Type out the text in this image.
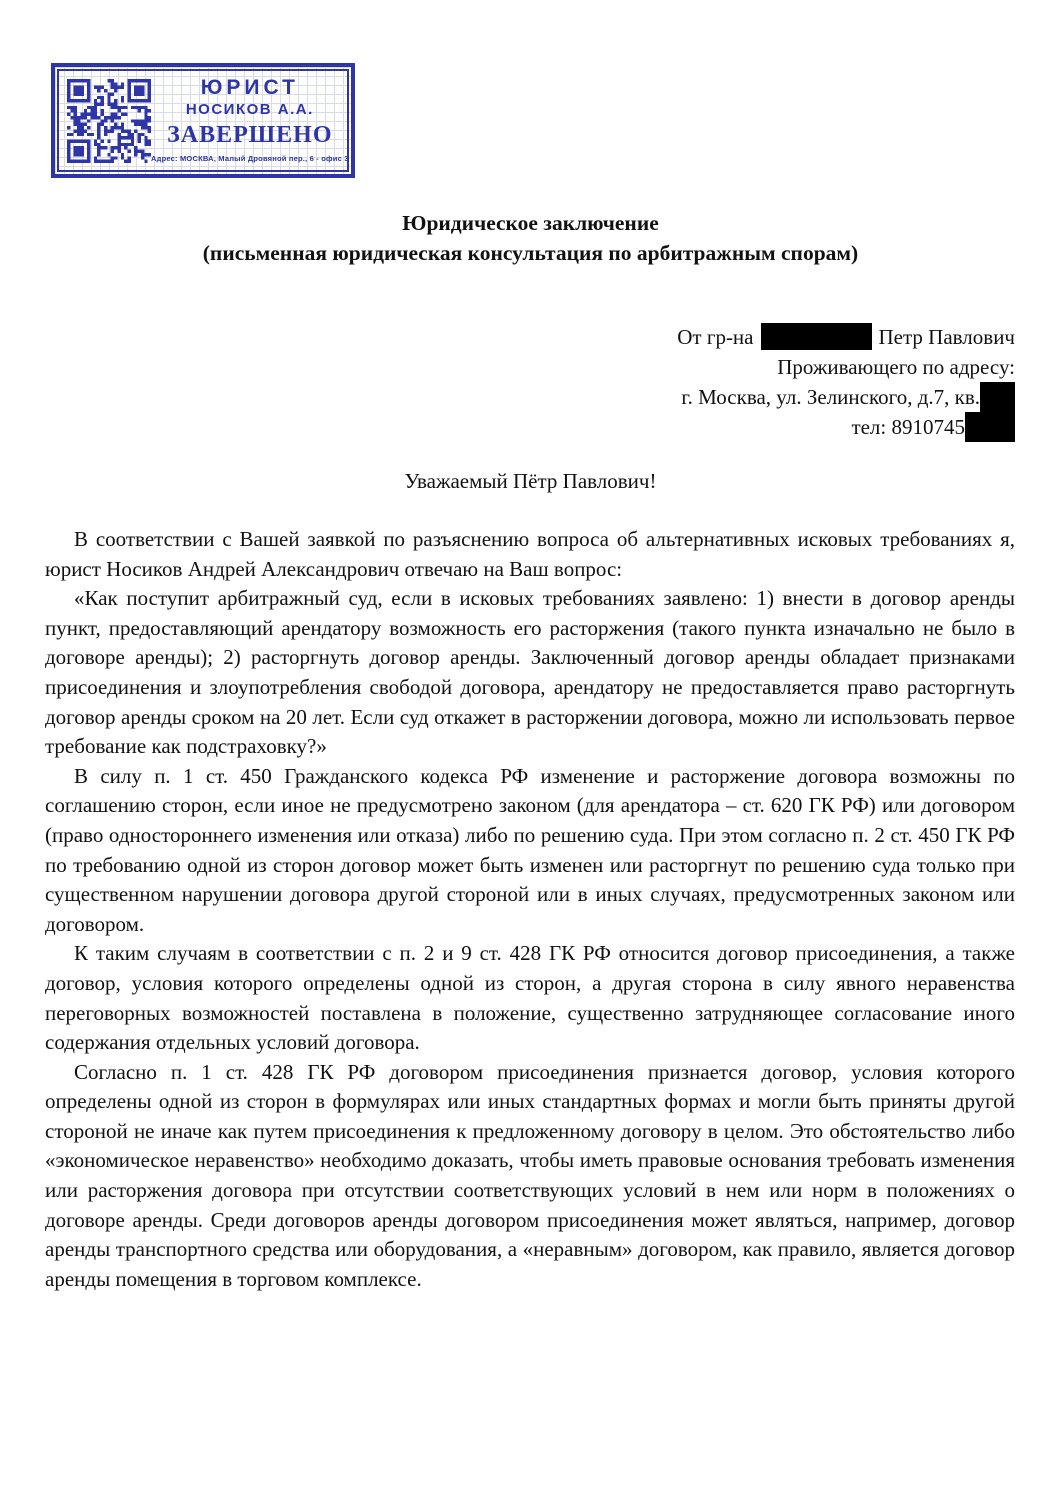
ЮРИСТ
НОСИКОВ А.А.
ЗАВЕРШЕНО
Адрес: МОСКВА, Малый Дровяной пер., 6 - офис 3
Юридическое заключение
(письменная юридическая консультация по арбитражным спорам)
От гр-на	Петр Павлович
Проживающего по адресу:
г. Москва, ул. Зелинского, д.7, кв.
тел: 8910745
Уважаемый Пётр Павлович!

В соответствии с Вашей заявкой по разъяснению вопроса об альтернативных исковых требованиях я, юрист Носиков Андрей Александрович отвечаю на Ваш вопрос:

«Как поступит арбитражный суд, если в исковых требованиях заявлено: 1) внести в договор аренды пункт, предоставляющий арендатору возможность его расторжения (такого пункта изначально не было в договоре аренды); 2) расторгнуть договор аренды. Заключенный договор аренды обладает признаками присоединения и злоупотребления свободой договора, арендатору не предоставляется право расторгнуть договор аренды сроком на 20 лет. Если суд откажет в расторжении договора, можно ли использовать первое требование как подстраховку?»

В силу п. 1 ст. 450 Гражданского кодекса РФ изменение и расторжение договора возможны по соглашению сторон, если иное не предусмотрено законом (для арендатора – ст. 620 ГК РФ) или договором (право одностороннего изменения или отказа) либо по решению суда. При этом согласно п. 2 ст. 450 ГК РФ по требованию одной из сторон договор может быть изменен или расторгнут по решению суда только при существенном нарушении договора другой стороной или в иных случаях, предусмотренных законом или договором.

К таким случаям в соответствии с п. 2 и 9 ст. 428 ГК РФ относится договор присоединения, а также договор, условия которого определены одной из сторон, а другая сторона в силу явного неравенства переговорных возможностей поставлена в положение, существенно затрудняющее согласование иного содержания отдельных условий договора.

Согласно п. 1 ст. 428 ГК РФ договором присоединения признается договор, условия которого определены одной из сторон в формулярах или иных стандартных формах и могли быть приняты другой стороной не иначе как путем присоединения к предложенному договору в целом. Это обстоятельство либо «экономическое неравенство» необходимо доказать, чтобы иметь правовые основания требовать изменения или расторжения договора при отсутствии соответствующих условий в нем или норм в положениях о договоре аренды. Среди договоров аренды договором присоединения может являться, например, договор аренды транспортного средства или оборудования, а «неравным» договором, как правило, является договор аренды помещения в торговом комплексе.
